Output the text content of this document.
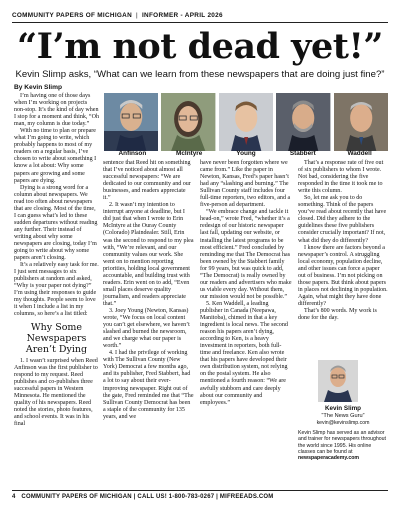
COMMUNITY PAPERS OF MICHIGAN | INFORMER - APRIL 2026
“I’m not dead yet!”
Kevin Slimp asks, “What can we learn from these newspapers that are doing just fine?”
By Kevin Slimp

I’m having one of those days when I’m working on projects non-stop. It’s the kind of day when I stop for a moment and think, “Oh man, my column is due today.”

With no time to plan or prepare what I’m going to write, which probably happens to most of my readers on a regular basis, I’ve chosen to write about something I know a lot about: Why some papers are growing and some papers are dying.

Dying is a strong word for a column about newspapers. We read too often about newspapers that are closing. Most of the time, I can guess what’s led to these sudden departures without reading any further. Their instead of writing about why some newspapers are closing, today I’m going to write about why some papers aren’t closing.

It’s a relatively easy task for me. I just sent messages to six publishers at random and asked, “Why is your paper not dying?” I’m using their responses to guide my thoughts. People seem to love it when I include a list in my columns, so here’s a list titled:

Why Some Newspapers Aren’t Dying

1. I wasn’t surprised when Reed Anfinson was the first publisher to respond to my request. Reed publishes and co-publishes three successful papers in Western Minnesota. He mentioned the quality of his newspapers. Reed noted the stories, photo features, and school events. It was in his final

Anfinson	McIntyre	Young	Stabbert	Waddell

sentence that Reed hit on something that I’ve noticed about almost all successful newspapers: “We are dedicated to our community and our businesses, and readers appreciate it.”

2. It wasn’t my intention to interrupt anyone at deadline, but I did just that when I wrote to Erin McIntyre at the Ouray County (Colorado) Plaindealer. Still, Erin was the second to respond to my plea with, “We’re relevant, and our community values our work. She went on to mention reporting priorities, holding local government accountable, and building trust with readers. Erin went on to add, “Even small places deserve quality journalism, and readers appreciate that.”

3. Joey Young (Newton, Kansas) wrote, “We focus on local content you can’t get elsewhere, we haven’t slashed and burned the newsroom, and we charge what our paper is worth.”

4. I had the privilege of working with The Sullivan County (New York) Democrat a few months ago, and its publisher, Fred Stabbert, had a lot to say about their ever-improving newspaper. Right out of the gate, Fred reminded me that “The Sullivan County Democrat has been a staple of the community for 135 years, and we

have never been forgotten where we came from.” Like the paper in Newton, Kansas, Fred’s paper hasn’t had any “slashing and burning.” The Sullivan County staff includes four full-time reporters, two editors, and a five-person ad department.

“We embrace change and tackle it head-on,” wrote Fred, “whether it’s a redesign of our historic newspaper last fall, updating our website, or installing the latest programs to be most efficient.” Fred concluded by reminding me that The Democrat has been owned by the Stabbert family for 99 years, but was quick to add, “The Democrat) is really owned by our readers and advertisers who make us viable every day. Without them, our mission would not be possible.”

5. Ken Waddell, a leading publisher in Canada (Neepawa, Manitoba), chimed in that a key ingredient is local news. The second reason his papers aren’t dying, according to Ken, is a heavy investment in reporters, both full-time and freelance. Ken also wrote that his papers have developed their own distribution system, not relying on the postal system. He also mentioned a fourth reason: “We are awfully stubborn and care deeply about our community and employees.”

That’s a response rate of five out of six publishers to whom I wrote. Not bad, considering the five responded in the time it took me to write this column.

So, let me ask you to do something. Think of the papers you’ve read about recently that have closed. Did they adhere to the guidelines these five publishers consider crucially important? If not, what did they do differently?

I know there are factors beyond a newspaper’s control. A struggling local economy, population decline, and other issues can force a paper out of business. I’m not picking on those papers. But think about papers in places not declining in population. Again, what might they have done differently?

That’s 800 words. My work is done for the day.

Kevin Slimp
“The News Guru”
kevin@kevinslimp.com
Kevin Slimp has served as an advisor and trainer for newspapers throughout the world since 1995. His online classes can be found at newspaperacademy.com
4 COMMUNITY PAPERS OF MICHIGAN | CALL US! 1-800-783-0267 | MIFREEADS.COM
